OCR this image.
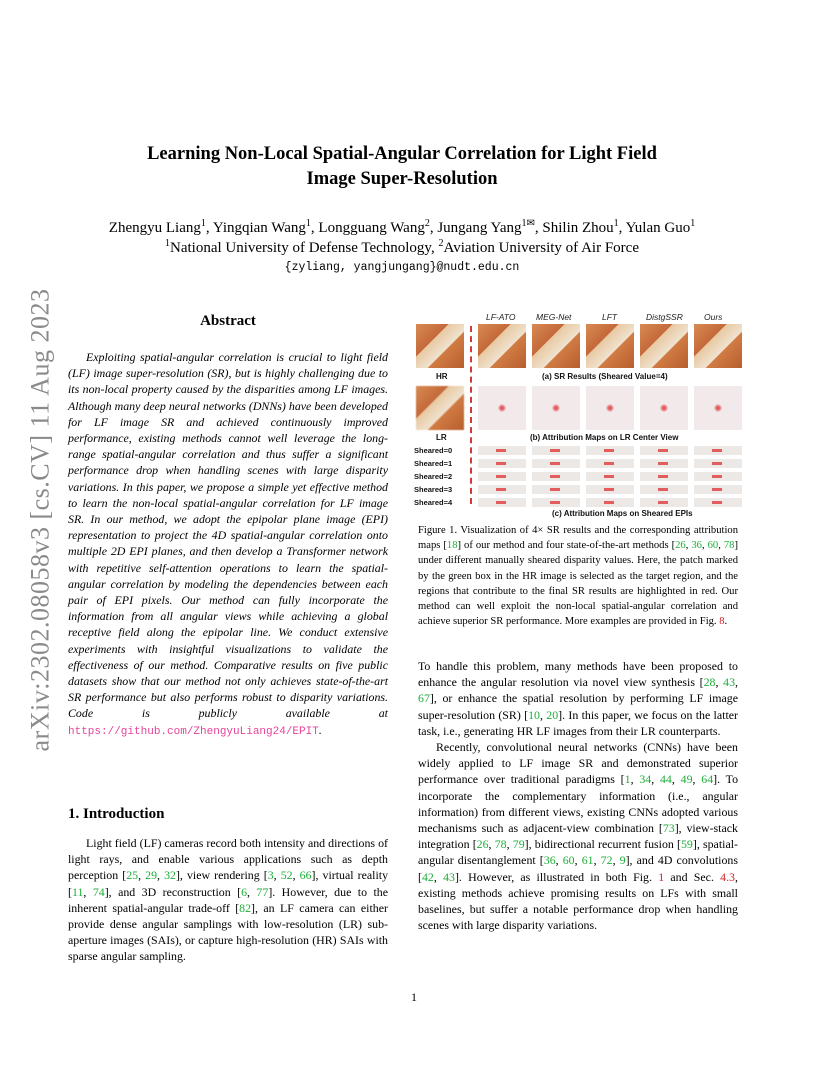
arXiv:2302.08058v3 [cs.CV] 11 Aug 2023
Learning Non-Local Spatial-Angular Correlation for Light Field
Image Super-Resolution
Zhengyu Liang$^1$, Yingqian Wang$^1$, Longguang Wang$^2$, Jungang Yang$^{1✉}$, Shilin Zhou$^1$, Yulan Guo$^1$
$^1$National University of Defense Technology, $^2$Aviation University of Air Force
{zyliang, yangjungang}@nudt.edu.cn
Abstract

Exploiting spatial-angular correlation is crucial to light field (LF) image super-resolution (SR), but is highly challenging due to its non-local property caused by the disparities among LF images. Although many deep neural networks (DNNs) have been developed for LF image SR and achieved continuously improved performance, existing methods cannot well leverage the long-range spatial-angular correlation and thus suffer a significant performance drop when handling scenes with large disparity variations. In this paper, we propose a simple yet effective method to learn the non-local spatial-angular correlation for LF image SR. In our method, we adopt the epipolar plane image (EPI) representation to project the 4D spatial-angular correlation onto multiple 2D EPI planes, and then develop a Transformer network with repetitive self-attention operations to learn the spatial-angular correlation by modeling the dependencies between each pair of EPI pixels. Our method can fully incorporate the information from all angular views while achieving a global receptive field along the epipolar line. We conduct extensive experiments with insightful visualizations to validate the effectiveness of our method. Comparative results on five public datasets show that our method not only achieves state-of-the-art SR performance but also performs robust to disparity variations. Code is publicly available at https://github.com/ZhengyuLiang24/EPIT.

1. Introduction

Light field (LF) cameras record both intensity and directions of light rays, and enable various applications such as depth perception [25, 29, 32], view rendering [3, 52, 66], virtual reality [11, 74], and 3D reconstruction [6, 77]. However, due to the inherent spatial-angular trade-off [82], an LF camera can either provide dense angular samplings with low-resolution (LR) sub-aperture images (SAIs), or capture high-resolution (HR) SAIs with sparse angular sampling.

LF-ATO MEG-Net	LFT	DistgSSR Ours
HR	(a) SR Results (Sheared Value=4)
LR	(b) Attribution Maps on LR Center View
Sheared=0
Sheared=1
Sheared=2
Sheared=3
Sheared=4
(c) Attribution Maps on Sheared EPIs
Figure 1. Visualization of 4× SR results and the corresponding attribution maps [18] of our method and four state-of-the-art methods [26, 36, 60, 78] under different manually sheared disparity values. Here, the patch marked by the green box in the HR image is selected as the target region, and the regions that contribute to the final SR results are highlighted in red. Our method can well exploit the non-local spatial-angular correlation and achieve superior SR performance. More examples are provided in Fig. 8.

To handle this problem, many methods have been proposed to enhance the angular resolution via novel view synthesis [28, 43, 67], or enhance the spatial resolution by performing LF image super-resolution (SR) [10, 20]. In this paper, we focus on the latter task, i.e., generating HR LF images from their LR counterparts.

Recently, convolutional neural networks (CNNs) have been widely applied to LF image SR and demonstrated superior performance over traditional paradigms [1, 34, 44, 49, 64]. To incorporate the complementary information (i.e., angular information) from different views, existing CNNs adopted various mechanisms such as adjacent-view combination [73], view-stack integration [26, 78, 79], bidirectional recurrent fusion [59], spatial-angular disentanglement [36, 60, 61, 72, 9], and 4D convolutions [42, 43]. However, as illustrated in both Fig. 1 and Sec. 4.3, existing methods achieve promising results on LFs with small baselines, but suffer a notable performance drop when handling scenes with large disparity variations.

1
